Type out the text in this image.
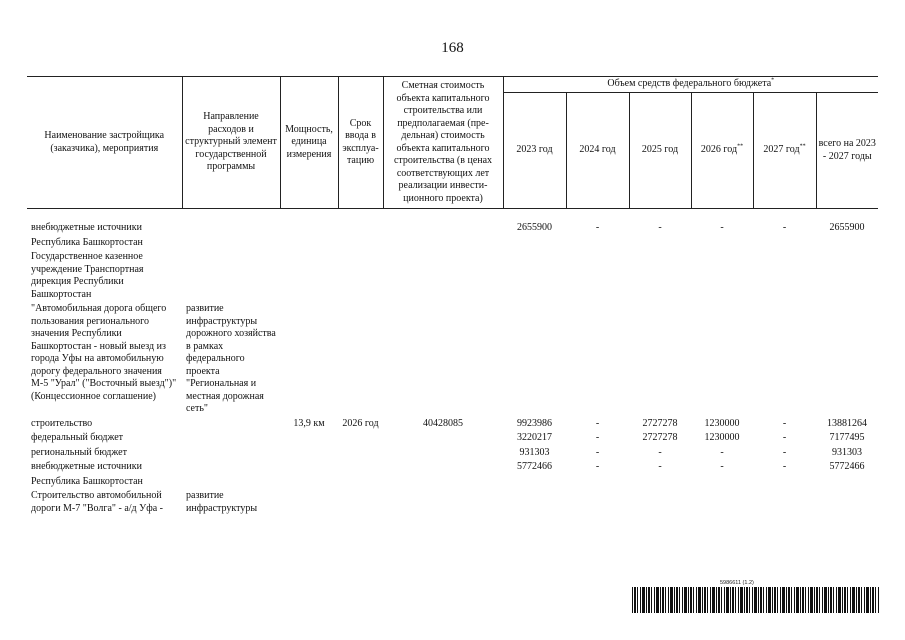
168
Наименование застройщика (заказчика), мероприятия	Направление расходов и структурный элемент государственной программы	Мощность, единица измерения	Срок ввода в эксплуа-тацию	Сметная стоимость объекта капитального строительства или предполагаемая (пре-дельная) стоимость объекта капитального строительства (в ценах соответствующих лет реализации инвести-ционного проекта)	Объем средств федерального бюджета*
					2023 год	2024 год	2025 год	2026 год**	2027 год**	всего на 2023 - 2027 годы

внебюджетные источники					2655900	-	-	-	-	2655900
Республика Башкортостан										
Государственное казенное учреждение Транспортная дирекция Республики Башкортостан										
"Автомобильная дорога общего пользования регионального значения Республики Башкортостан - новый выезд из города Уфы на автомобильную дорогу федерального значения М-5 "Урал" ("Восточный выезд")" (Концессионное соглашение)	развитие инфраструктуры дорожного хозяйства в рамках федерального проекта "Региональная и местная дорожная сеть"									
строительство		13,9 км	2026 год	40428085	9923986	-	2727278	1230000	-	13881264
федеральный бюджет					3220217	-	2727278	1230000	-	7177495
региональный бюджет					931303	-	-	-	-	931303
внебюджетные источники					5772466	-	-	-	-	5772466
Республика Башкортостан										
Строительство автомобильной дороги М-7 "Волга" - а/д Уфа -	развитие инфраструктуры									
5986611 (1.2)
